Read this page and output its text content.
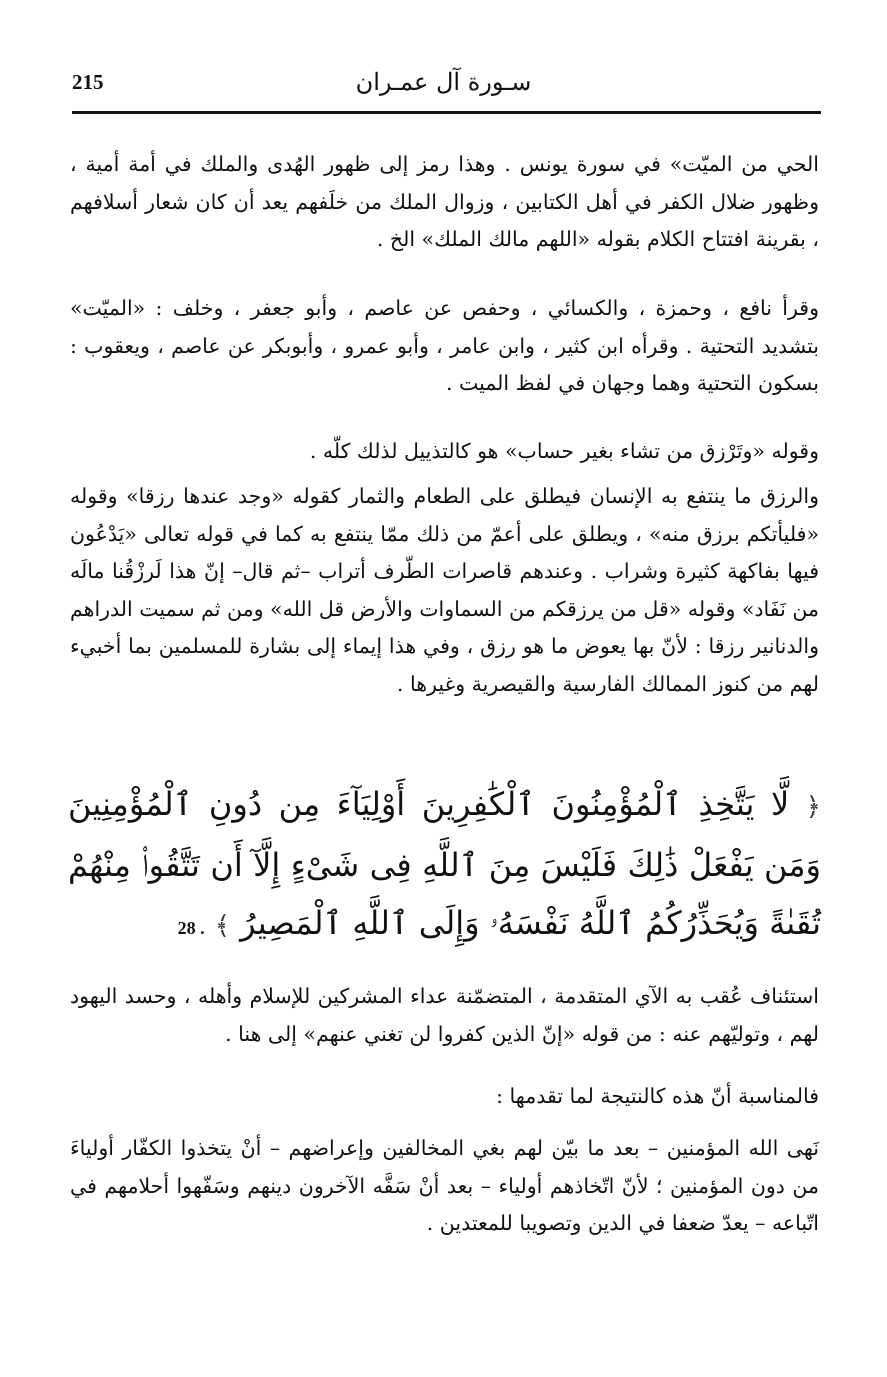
215	سـورة آل عمـران

الحي من الميّت» في سورة يونس . وهذا رمز إلى ظهور الهُدى والملك في أمة أمية ، وظهور ضلال الكفر في أهل الكتابين ، وزوال الملك من خلَفهم يعد أن كان شعار أسلافهم ، بقرينة افتتاح الكلام بقوله «اللهم مالك الملك» الخ .

وقرأ نافع ، وحمزة ، والكسائي ، وحفص عن عاصم ، وأبو جعفر ، وخلف : «الميّت» بتشديد التحتية . وقرأه ابن كثير ، وابن عامر ، وأبو عمرو ، وأبوبكر عن عاصم ، ويعقوب : بسكون التحتية وهما وجهان في لفظ الميت .

وقوله «وتَرْزق من تشاء بغير حساب» هو كالتذييل لذلك كلّه .

والرزق ما ينتفع به الإنسان فيطلق على الطعام والثمار كقوله «وجد عندها رزقا» وقوله «فليأتكم برزق منه» ، ويطلق على أعمّ من ذلك ممّا ينتفع به كما في قوله تعالى «يَدْعُون فيها بفاكهة كثيرة وشراب . وعندهم قاصرات الطّرف أتراب –ثم قال– إنّ هذا لَرزْقُنا مالَه من نَفَاد» وقوله «قل من يرزقكم من السماوات والأرض قل الله» ومن ثم سميت الدراهم والدنانير رزقا : لأنّ بها يعوض ما هو رزق ، وفي هذا إيماء إلى بشارة للمسلمين بما أخبيء لهم من كنوز الممالك الفارسية والقيصرية وغيرها .

﴿ لَّا يَتَّخِذِ ٱلْمُؤْمِنُونَ ٱلْكَٰفِرِينَ أَوْلِيَآءَ مِن دُونِ ٱلْمُؤْمِنِينَ وَمَن يَفْعَلْ ذَٰلِكَ فَلَيْسَ مِنَ ٱللَّهِ فِى شَىْءٍ إِلَّآ أَن تَتَّقُوا۟ مِنْهُمْ تُقَىٰةً وَيُحَذِّرُكُمُ ٱللَّهُ نَفْسَهُۥ وَإِلَى ٱللَّهِ ٱلْمَصِيرُ ﴾ . 28

استئناف عُقب به الآي المتقدمة ، المتضمّنة عداء المشركين للإسلام وأهله ، وحسد اليهود لهم ، وتوليّهم عنه : من قوله «إنّ الذين كفروا لن تغني عنهم» إلى هنا .

فالمناسبة أنّ هذه كالنتيجة لما تقدمها :

نَهى الله المؤمنين – بعد ما بيّن لهم بغي المخالفين وإعراضهم – أنْ يتخذوا الكفّار أولياءَ من دون المؤمنين ؛ لأنّ اتّخاذهم أولياء – بعد أنْ سَفَّه الآخرون دينهم وسَفّهوا أحلامهم في اتّباعه – يعدّ ضعفا في الدين وتصويبا للمعتدين .
